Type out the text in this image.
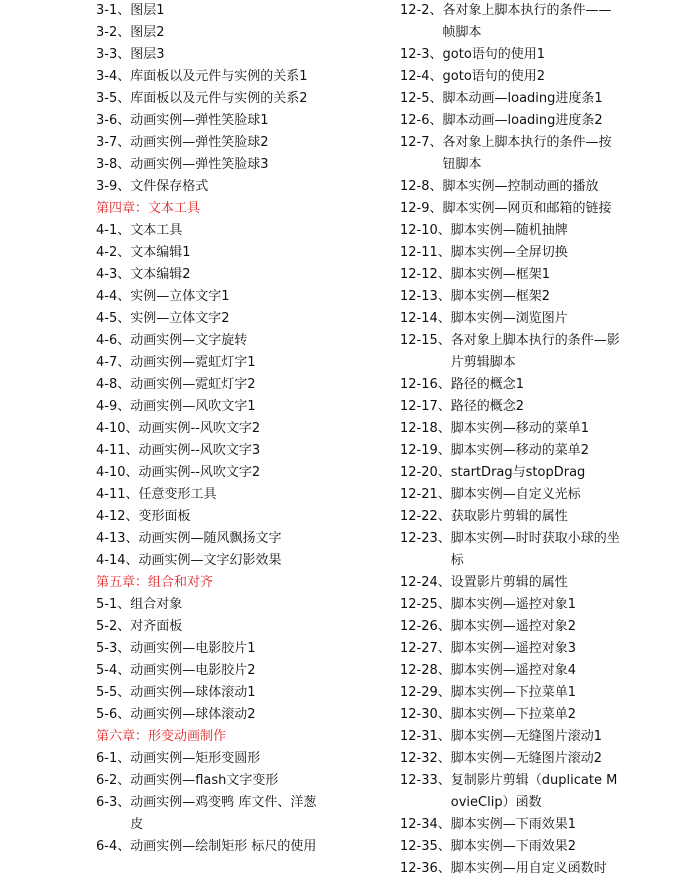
3-1、 图层1
3-2、 图层2
3-3、 图层3
3-4、 库面板以及元件与实例的关系1
3-5、 库面板以及元件与实例的关系2
3-6、 动画实例—弹性笑脸球1
3-7、 动画实例—弹性笑脸球2
3-8、 动画实例—弹性笑脸球3
3-9、 文件保存格式
第四章：文本工具
4-1、 文本工具
4-2、 文本编辑1
4-3、 文本编辑2
4-4、 实例—立体文字1
4-5、 实例—立体文字2
4-6、 动画实例—文字旋转
4-7、 动画实例—霓虹灯字1
4-8、 动画实例—霓虹灯字2
4-9、 动画实例—风吹文字1
4-10、 动画实例--风吹文字2
4-11、 动画实例--风吹文字3
4-10、 动画实例--风吹文字2
4-11、 任意变形工具
4-12、 变形面板
4-13、 动画实例—随风飘扬文字
4-14、 动画实例—文字幻影效果
第五章：组合和对齐
5-1、 组合对象
5-2、 对齐面板
5-3、 动画实例—电影胶片1
5-4、 动画实例—电影胶片2
5-5、 动画实例—球体滚动1
5-6、 动画实例—球体滚动2
第六章：形变动画制作
6-1、 动画实例—矩形变圆形
6-2、 动画实例—flash文字变形
6-3、 动画实例—鸡变鸭 库文件、洋葱皮
6-4、 动画实例—绘制矩形 标尺的使用
12-2、 各对象上脚本执行的条件——帧脚本
12-3、 goto语句的使用1
12-4、 goto语句的使用2
12-5、 脚本动画—loading进度条1
12-6、 脚本动画—loading进度条2
12-7、 各对象上脚本执行的条件—按钮脚本
12-8、 脚本实例—控制动画的播放
12-9、 脚本实例—网页和邮箱的链接
12-10、 脚本实例—随机抽牌
12-11、 脚本实例—全屏切换
12-12、 脚本实例—框架1
12-13、 脚本实例—框架2
12-14、 脚本实例—浏览图片
12-15、 各对象上脚本执行的条件—影片剪辑脚本
12-16、 路径的概念1
12-17、 路径的概念2
12-18、 脚本实例—移动的菜单1
12-19、 脚本实例—移动的菜单2
12-20、 startDrag与stopDrag
12-21、 脚本实例—自定义光标
12-22、 获取影片剪辑的属性
12-23、 脚本实例—时时获取小球的坐标
12-24、 设置影片剪辑的属性
12-25、 脚本实例—遥控对象1
12-26、 脚本实例—遥控对象2
12-27、 脚本实例—遥控对象3
12-28、 脚本实例—遥控对象4
12-29、 脚本实例—下拉菜单1
12-30、 脚本实例—下拉菜单2
12-31、 脚本实例—无缝图片滚动1
12-32、 脚本实例—无缝图片滚动2
12-33、 复制影片剪辑（duplicate MovieClip）函数
12-34、 脚本实例—下雨效果1
12-35、 脚本实例—下雨效果2
12-36、 脚本实例—用自定义函数时
